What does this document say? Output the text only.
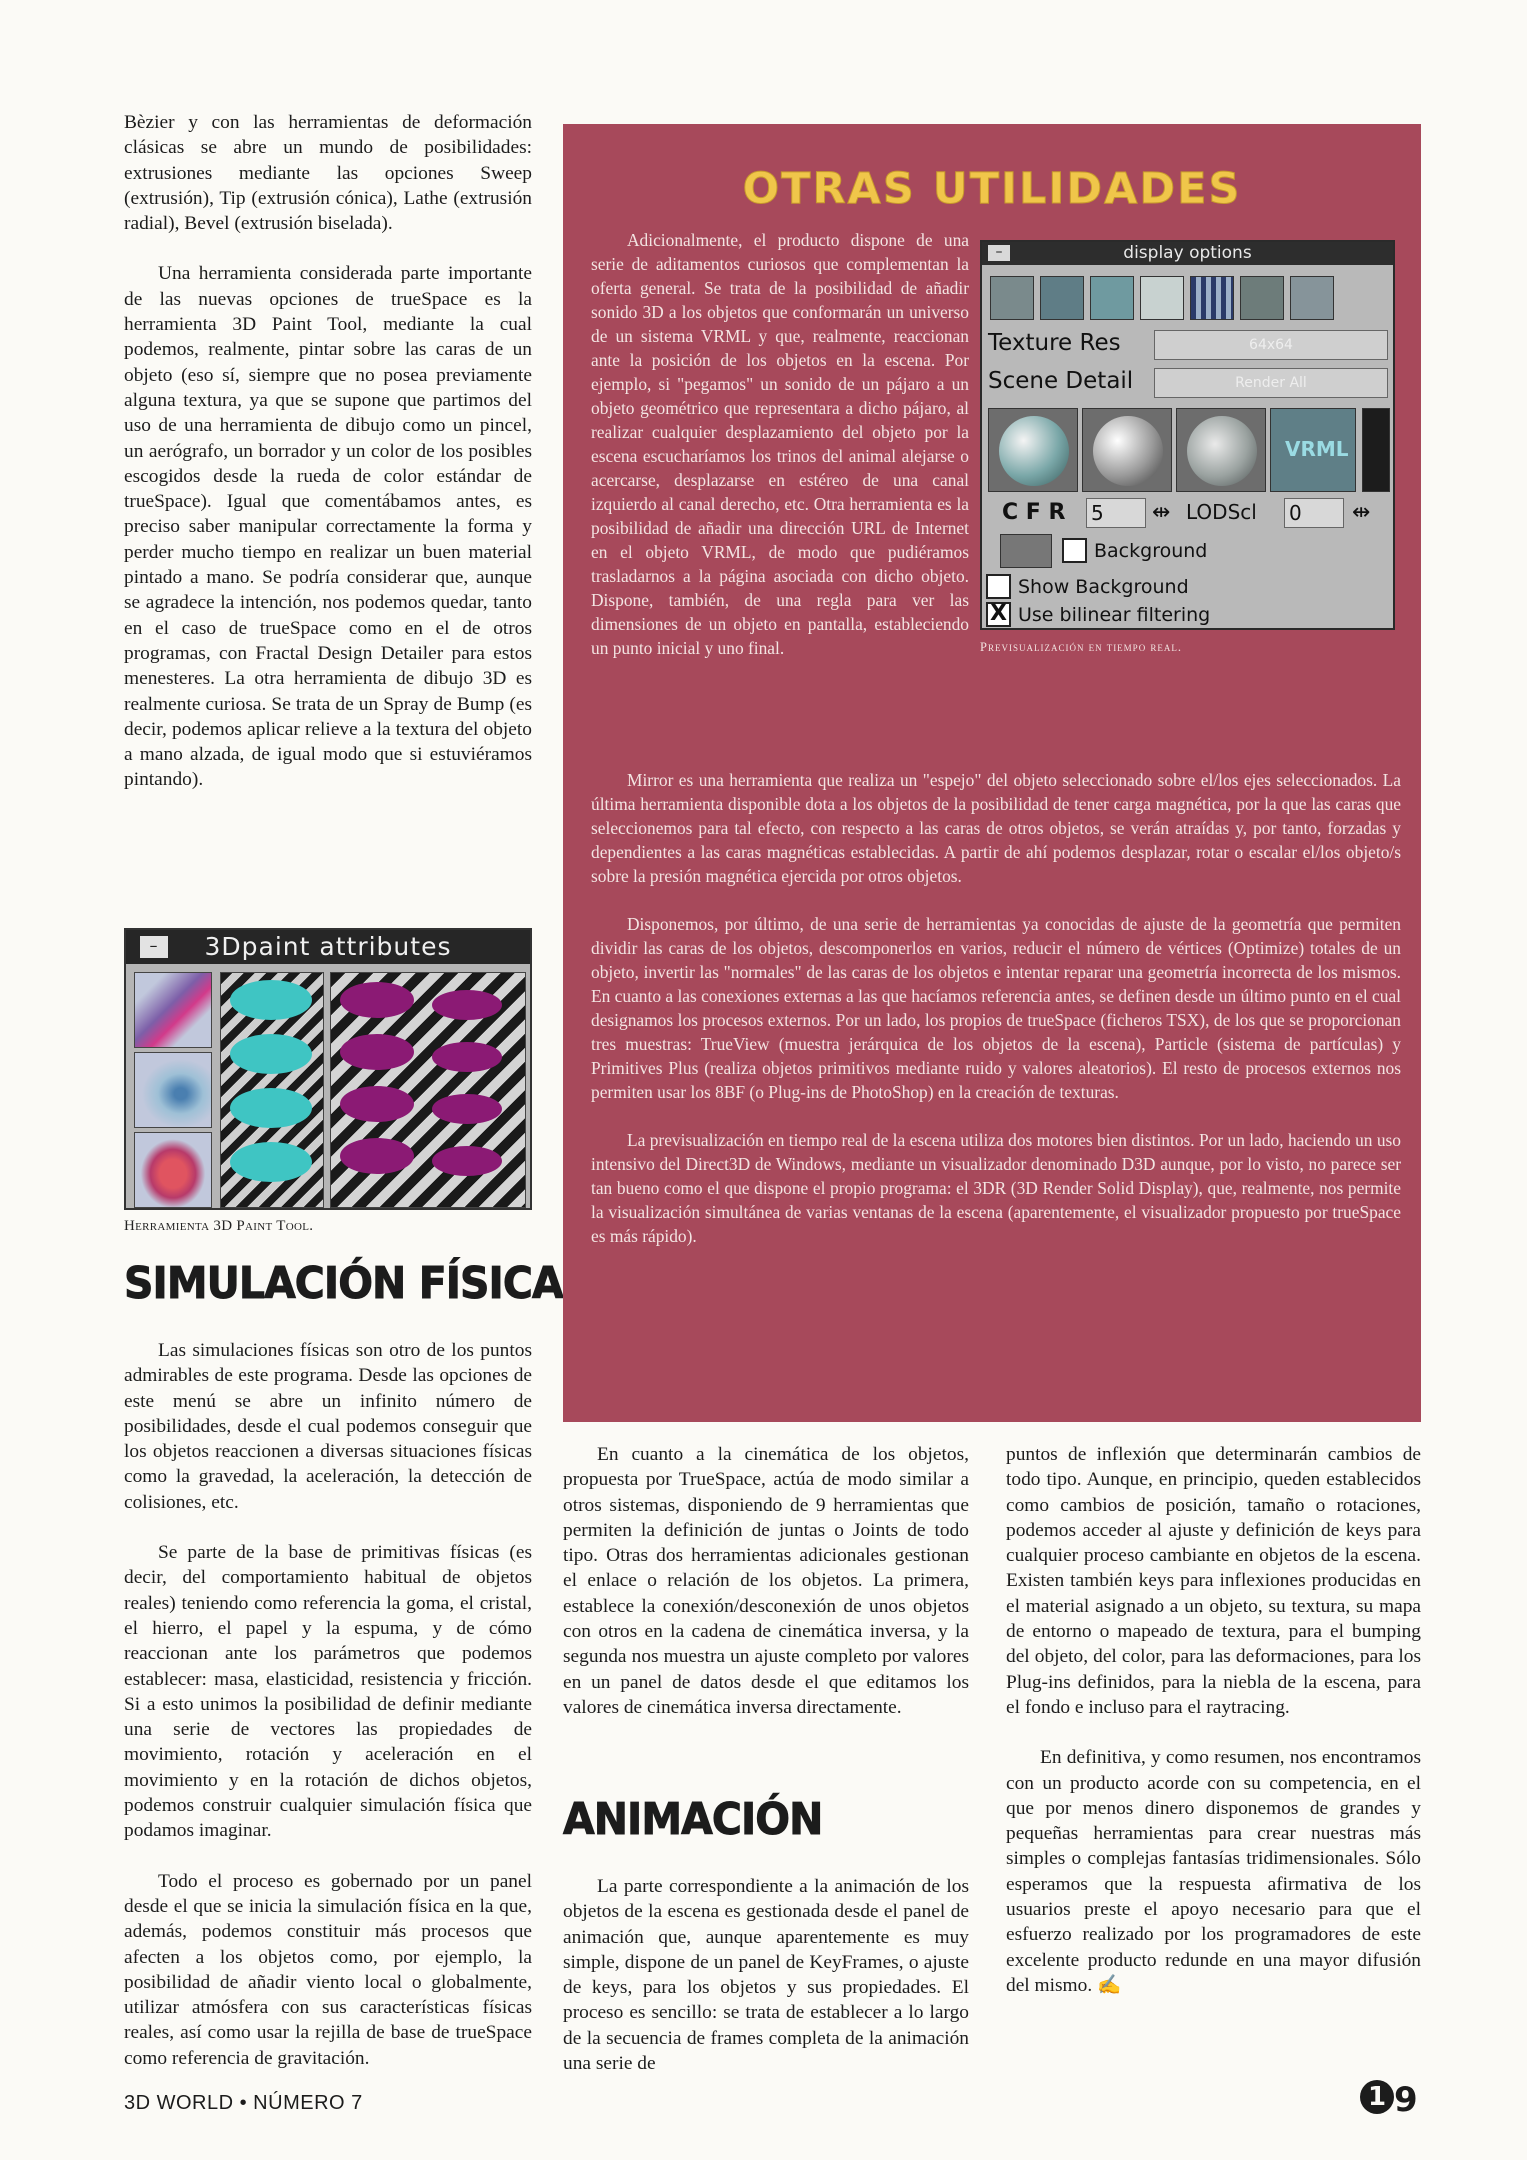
Bèzier y con las herramientas de deformación clásicas se abre un mundo de posibilidades: extrusiones mediante las opciones Sweep (extrusión), Tip (extrusión cónica), Lathe (extrusión radial), Bevel (extrusión biselada).

Una herramienta considerada parte importante de las nuevas opciones de trueSpace es la herramienta 3D Paint Tool, mediante la cual podemos, realmente, pintar sobre las caras de un objeto (eso sí, siempre que no posea previamente alguna textura, ya que se supone que partimos del uso de una herramienta de dibujo como un pincel, un aerógrafo, un borrador y un color de los posibles escogidos desde la rueda de color estándar de trueSpace). Igual que comentábamos antes, es preciso saber manipular correctamente la forma y perder mucho tiempo en realizar un buen material pintado a mano. Se podría considerar que, aunque se agradece la intención, nos podemos quedar, tanto en el caso de trueSpace como en el de otros programas, con Fractal Design Detailer para estos menesteres. La otra herramienta de dibujo 3D es realmente curiosa. Se trata de un Spray de Bump (es decir, podemos aplicar relieve a la textura del objeto a mano alzada, de igual modo que si estuviéramos pintando).

–	3Dpaint attributes
Herramienta 3D Paint Tool.
SIMULACIÓN FÍSICA

Las simulaciones físicas son otro de los puntos admirables de este programa. Desde las opciones de este menú se abre un infinito número de posibilidades, desde el cual podemos conseguir que los objetos reaccionen a diversas situaciones físicas como la gravedad, la aceleración, la detección de colisiones, etc.

Se parte de la base de primitivas físicas (es decir, del comportamiento habitual de objetos reales) teniendo como referencia la goma, el cristal, el hierro, el papel y la espuma, y de cómo reaccionan ante los parámetros que podemos establecer: masa, elasticidad, resistencia y fricción. Si a esto unimos la posibilidad de definir mediante una serie de vectores las propiedades de movimiento, rotación y aceleración en el movimiento y en la rotación de dichos objetos, podemos construir cualquier simulación física que podamos imaginar.

Todo el proceso es gobernado por un panel desde el que se inicia la simulación física en la que, además, podemos constituir más procesos que afecten a los objetos como, por ejemplo, la posibilidad de añadir viento local o globalmente, utilizar atmósfera con sus características físicas reales, así como usar la rejilla de base de trueSpace como referencia de gravitación.

OTRAS UTILIDADES

Adicionalmente, el producto dispone de una serie de aditamentos curiosos que complementan la oferta general. Se trata de la posibilidad de añadir sonido 3D a los objetos que conformarán un universo de un sistema VRML y que, realmente, reaccionan ante la posición de los objetos en la escena. Por ejemplo, si "pegamos" un sonido de un pájaro a un objeto geométrico que representara a dicho pájaro, al realizar cualquier desplazamiento del objeto por la escena escucharíamos los trinos del animal alejarse o acercarse, desplazarse en estéreo de una canal izquierdo al canal derecho, etc. Otra herramienta es la posibilidad de añadir una dirección URL de Internet en el objeto VRML, de modo que pudiéramos trasladarnos a la página asociada con dicho objeto. Dispone, también, de una regla para ver las dimensiones de un objeto en pantalla, estableciendo un punto inicial y uno final.

Mirror es una herramienta que realiza un "espejo" del objeto seleccionado sobre el/los ejes seleccionados. La última herramienta disponible dota a los objetos de la posibilidad de tener carga magnética, por la que las caras que seleccionemos para tal efecto, con respecto a las caras de otros objetos, se verán atraídas y, por tanto, forzadas y dependientes a las caras magnéticas establecidas. A partir de ahí podemos desplazar, rotar o escalar el/los objeto/s sobre la presión magnética ejercida por otros objetos.

Disponemos, por último, de una serie de herramientas ya conocidas de ajuste de la geometría que permiten dividir las caras de los objetos, descomponerlos en varios, reducir el número de vértices (Optimize) totales de un objeto, invertir las "normales" de las caras de los objetos e intentar reparar una geometría incorrecta de los mismos. En cuanto a las conexiones externas a las que hacíamos referencia antes, se definen desde un último punto en el cual designamos los procesos externos. Por un lado, los propios de trueSpace (ficheros TSX), de los que se proporcionan tres muestras: TrueView (muestra jerárquica de los objetos de la escena), Particle (sistema de partículas) y Primitives Plus (realiza objetos primitivos mediante ruido y valores aleatorios). El resto de procesos externos nos permiten usar los 8BF (o Plug-ins de PhotoShop) en la creación de texturas.

La previsualización en tiempo real de la escena utiliza dos motores bien distintos. Por un lado, haciendo un uso intensivo del Direct3D de Windows, mediante un visualizador denominado D3D aunque, por lo visto, no parece ser tan bueno como el que dispone el propio programa: el 3DR (3D Render Solid Display), que, realmente, nos permite la visualización simultánea de varias ventanas de la escena (aparentemente, el visualizador propuesto por trueSpace es más rápido).

–	display options
Texture Res	64x64
Scene Detail	Render All
VRML
C F R 5	⇹ LODScl 0	⇹
Background
Show Background
X Use bilinear filtering
Previsualización en tiempo real.

En cuanto a la cinemática de los objetos, propuesta por TrueSpace, actúa de modo similar a otros sistemas, disponiendo de 9 herramientas que permiten la definición de juntas o Joints de todo tipo. Otras dos herramientas adicionales gestionan el enlace o relación de los objetos. La primera, establece la conexión/desconexión de unos objetos con otros en la cadena de cinemática inversa, y la segunda nos muestra un ajuste completo por valores en un panel de datos desde el que editamos los valores de cinemática inversa directamente.

ANIMACIÓN

La parte correspondiente a la animación de los objetos de la escena es gestionada desde el panel de animación que, aunque aparentemente es muy simple, dispone de un panel de KeyFrames, o ajuste de keys, para los objetos y sus propiedades. El proceso es sencillo: se trata de establecer a lo largo de la secuencia de frames completa de la animación una serie de

puntos de inflexión que determinarán cambios de todo tipo. Aunque, en principio, queden establecidos como cambios de posición, tamaño o rotaciones, podemos acceder al ajuste y definición de keys para cualquier proceso cambiante en objetos de la escena. Existen también keys para inflexiones producidas en el material asignado a un objeto, su textura, su mapa de entorno o mapeado de textura, para el bumping del objeto, del color, para las deformaciones, para los Plug-ins definidos, para la niebla de la escena, para el fondo e incluso para el raytracing.

En definitiva, y como resumen, nos encontramos con un producto acorde con su competencia, en el que por menos dinero disponemos de grandes y pequeñas herramientas para crear nuestras más simples o complejas fantasías tridimensionales. Sólo esperamos que la respuesta afirmativa de los usuarios preste el apoyo necesario para que el esfuerzo realizado por los programadores de este excelente producto redunde en una mayor difusión del mismo. ✍

3D WORLD • NÚMERO 7	1 9
